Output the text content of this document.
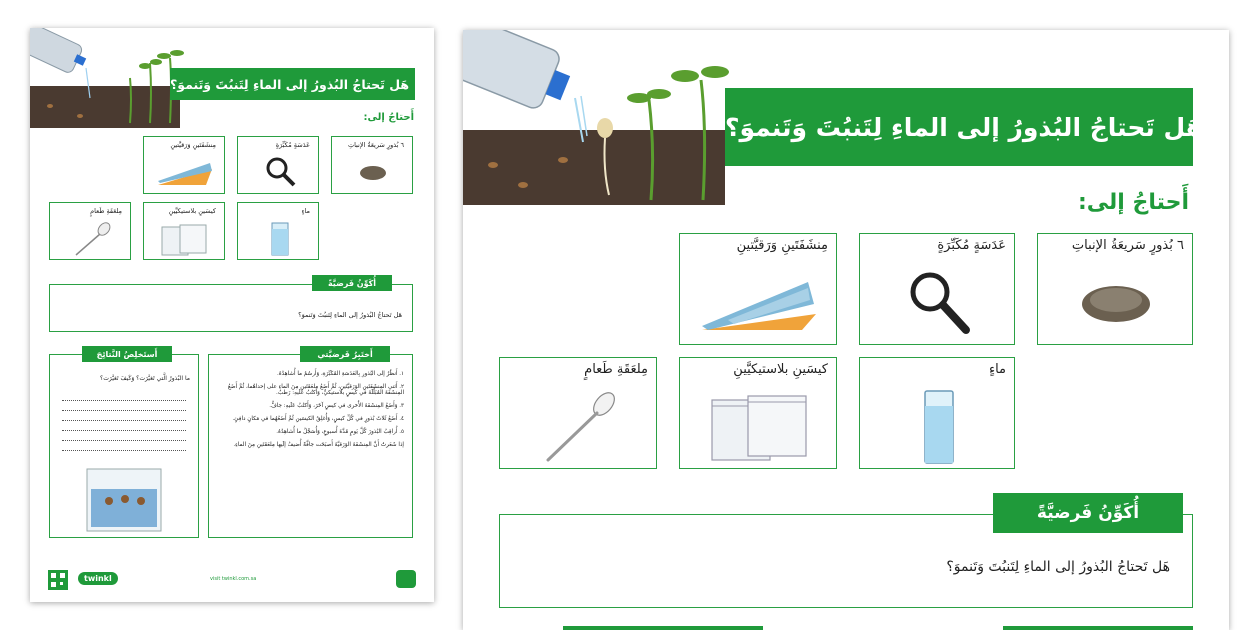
هَل تَحتاجُ البُذورُ إلى الماءِ لِتَنبُتَ وَتَنموَ؟
أَحتاجُ إلى:
٦ بُذورٍ سَريعَةُ الإنباتِ
عَدَسَةٍ مُكَبِّرَةٍ
مِنشَفَتَينِ وَرَقيَّتينِ
ماءٍ
كيسَينِ بلاستيكيَّينِ
مِلعَقَةِ طَعامٍ
هَل تَحتاجُ البُذورُ إلى الماءِ لِتَنبُتَ وَتَنموَ؟
أُكَوِّنُ فَرضيَّةً
١. أَنظُرُ إلى البُذورِ بِالعَدَسَةِ المُكَبِّرَةِ، وَأَرسُمُ ما أُشاهِدُهُ.
٢. أَثني المِنشَفَتَينِ الوَرَقيَّتَينِ، ثُمَّ أَضَعُ مِلعَقَتَينِ مِنَ الماءِ على إحداهُما، ثُمَّ أَضَعُ المِنشَفَةَ المُبَلَّلَةَ في كيسٍ بلاستيكيٍّ، وَأَكتُبُ عَلَيهِ: رَطبٌ.
٣. وَأَضَعُ المِنشَفَةَ الأُخرى في كيسٍ آخَرَ، وَأَكتُبُ عَلَيهِ: جافٌّ.
٤. أَضَعُ ثَلاثَ بُذورٍ في كُلِّ كيسٍ، وَأُغلِقُ الكيسَينِ ثُمَّ أَضَعُهُما في مَكانٍ دافِئٍ.
٥. أُراقِبُ البُذورَ كُلَّ يَومٍ مُدَّةَ أُسبوعٍ، وَأُسَجِّلُ ما أُشاهِدُهُ.
إذا شَعَرتُ أَنَّ المِنشَفَةَ الوَرَقيَّةَ أَصبَحَت جافَّةً أُضيفُ إلَيها مِلعَقَتَينِ مِنَ الماءِ.
أَختَبِرُ فَرضيَّتي
ما البُذورُ الَّتي تَغيَّرَت؟ وَكَيفَ تَغيَّرَت؟
أَستَخلِصُ النَّتائِجَ
twinkl	visit twinkl.com.sa
هَل تَحتاجُ البُذورُ إلى الماءِ لِتَنبُتَ وَتَنموَ؟
أَحتاجُ إلى:
٦ بُذورٍ سَريعَةُ الإنباتِ
عَدَسَةٍ مُكَبِّرَةٍ
مِنشَفَتَينِ وَرَقيَّتينِ
ماءٍ
كيسَينِ بلاستيكيَّينِ
مِلعَقَةِ طَعامٍ
هَل تَحتاجُ البُذورُ إلى الماءِ لِتَنبُتَ وَتَنموَ؟
أُكَوِّنُ فَرضيَّةً
